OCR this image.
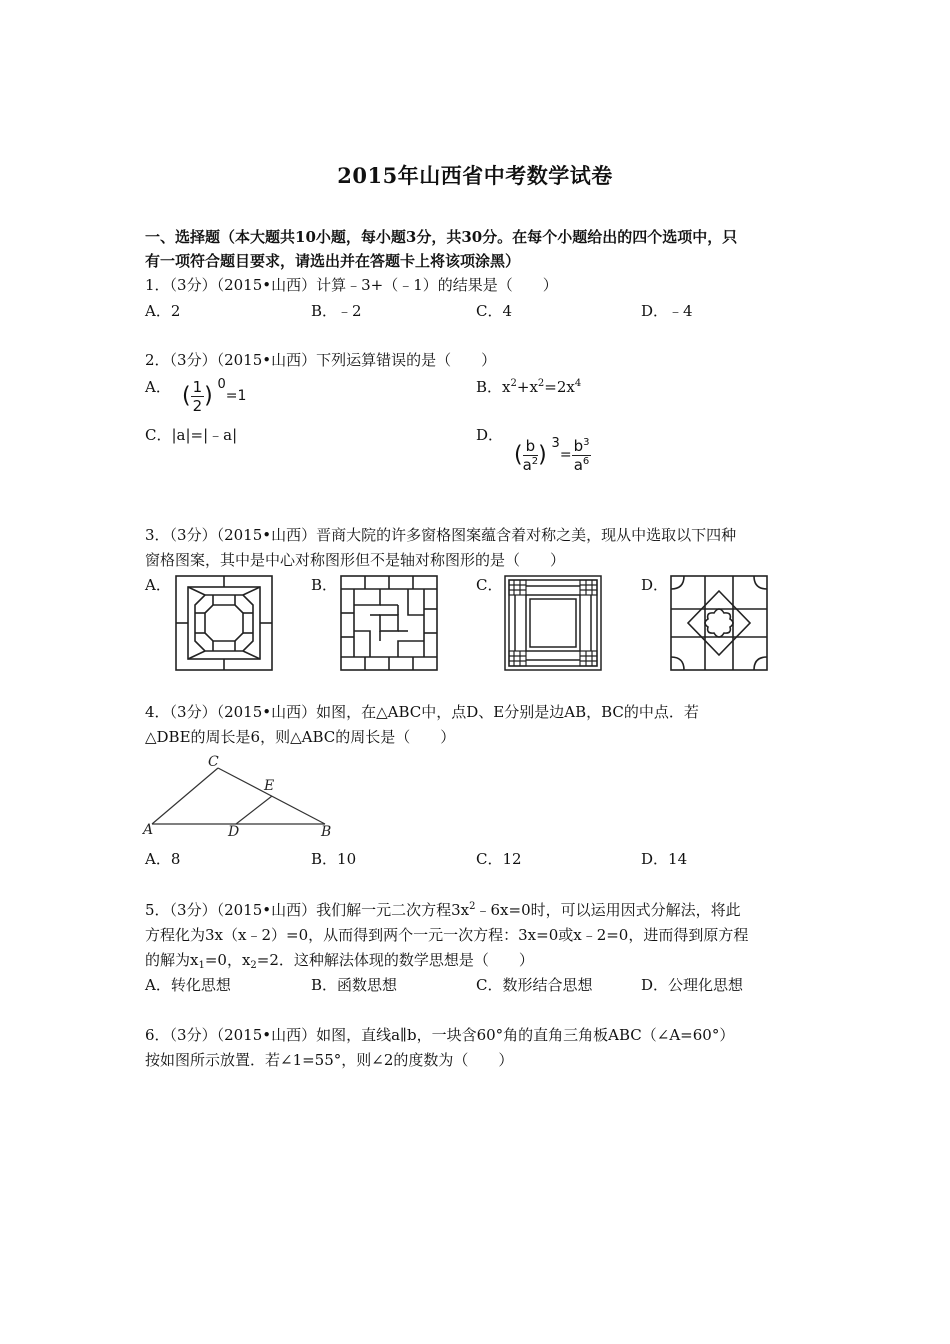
2015年山西省中考数学试卷
一、选择题（本大题共10小题，每小题3分，共30分。在每个小题给出的四个选项中，只
有一项符合题目要求，请选出并在答题卡上将该项涂黑）
1．（3分）（2015•山西）计算﹣3+（﹣1）的结果是（　　）
A．2	B．﹣2	C．4	D．﹣4
2．（3分）（2015•山西）下列运算错误的是（　　）
A． ( $\frac{1}{2}$ ) 0=1	B．$x^2+x^2=2x^4$
C．|a|=|﹣a|	D．
( $\frac{b}{a^2}$ ) $3= \frac{b^3}{a^6}$
3．（3分）（2015•山西）晋商大院的许多窗格图案蕴含着对称之美，现从中选取以下四种
窗格图案，其中是中心对称图形但不是轴对称图形的是（　　）
A．	B．	C．	D．
4．（3分）（2015•山西）如图，在△ABC中，点D、E分别是边AB，BC的中点．若
△DBE的周长是6，则△ABC的周长是（　　）
C
E
A	D	B
A．8	B．10	C．12	D．14
5．（3分）（2015•山西）我们解一元二次方程$3x^2﹣6x=0$时，可以运用因式分解法，将此
方程化为3x（x﹣2）=0，从而得到两个一元一次方程：3x=0或x﹣2=0，进而得到原方程
的解为$x_1=0$，$x_2=2$．这种解法体现的数学思想是（　　）
A．转化思想	B．函数思想	C．数形结合思想	D．公理化思想
6．（3分）（2015•山西）如图，直线a∥b，一块含60°角的直角三角板ABC（∠A=60°）
按如图所示放置．若∠1=55°，则∠2的度数为（　　）
